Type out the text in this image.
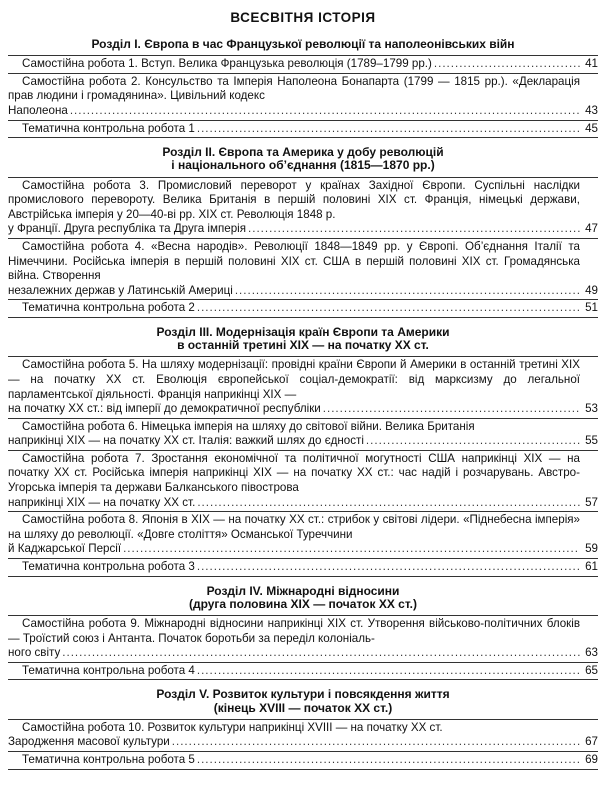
ВСЕСВІТНЯ ІСТОРІЯ
Розділ I. Європа в час Французької революції та наполеонівських війн
Самостійна робота 1. Вступ. Велика Французька революція (1789–1799 рр.) .....	41
Самостійна робота 2. Консульство та Імперія Наполеона Бонапарта (1799 — 1815 рр.). «Декларація прав людини і громадянина». Цивільний кодекс
Наполеона .....	43
Тематична контрольна робота 1 .....	45
Розділ II. Європа та Америка у добу революцій
і національного об’єднання (1815—1870 рр.)
Самостійна робота 3. Промисловий переворот у країнах Західної Європи. Суспільні наслідки промислового перевороту. Велика Британія в першій половині XIX ст. Франція, німецькі держави, Австрійська імперія у 20—40-ві рр. XIX ст. Революція 1848 р.
у Франції. Друга республіка та Друга імперія .....	47
Самостійна робота 4. «Весна народів». Революції 1848—1849 рр. у Європі. Об’єднання Італії та Німеччини. Російська імперія в першій половині XIX ст. США в першій половині XIX ст. Громадянська війна. Створення
незалежних держав у Латинській Америці .....	49
Тематична контрольна робота 2 .....	51
Розділ III. Модернізація країн Європи та Америки
в останній третині XIX — на початку XX ст.
Самостійна робота 5. На шляху модернізації: провідні країни Європи й Америки в останній третині XIX — на початку XX ст. Еволюція європейської соціал-демократії: від марксизму до легальної парламентської діяльності. Франція наприкінці XIX —
на початку XX ст.: від імперії до демократичної республіки .....	53
Самостійна робота 6. Німецька імперія на шляху до світової війни. Велика Британія
наприкінці XIX — на початку XX ст. Італія: важкий шлях до єдності .....	55
Самостійна робота 7. Зростання економічної та політичної могутності США наприкінці XIX — на початку XX ст. Російська імперія наприкінці XIX — на початку XX ст.: час надій і розчарувань. Австро-Угорська імперія та держави Балканського півострова
наприкінці XIX — на початку XX ст. .....	57
Самостійна робота 8. Японія в XIX — на початку XX ст.: стрибок у світові лідери. «Піднебесна імперія» на шляху до революції. «Довге століття» Османської Туреччини
й Каджарської Персії .....	59
Тематична контрольна робота 3 .....	61
Розділ IV. Міжнародні відносини
(друга половина XIX — початок XX ст.)
Самостійна робота 9. Міжнародні відносини наприкінці XIX ст. Утворення військово-політичних блоків — Троїстий союз і Антанта. Початок боротьби за переділ колоніаль-
ного світу .....	63
Тематична контрольна робота 4 .....	65
Розділ V. Розвиток культури і повсякдення життя
(кінець XVIII — початок XX ст.)
Самостійна робота 10. Розвиток культури наприкінці XVIII — на початку XX ст.
Зародження масової культури .....	67
Тематична контрольна робота 5 .....	69
